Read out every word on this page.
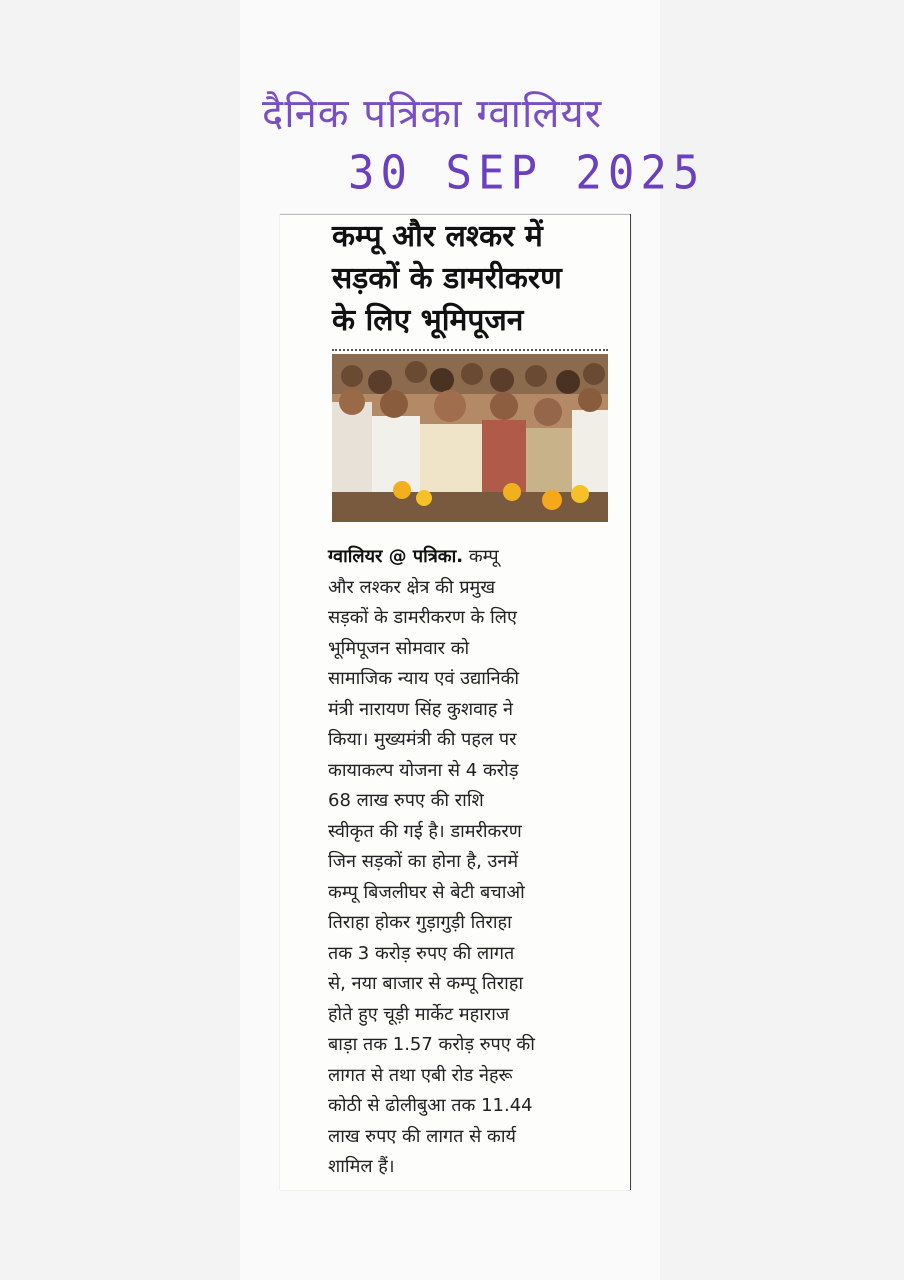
दैनिक पत्रिका ग्वालियर
30 SEP 2025
कम्पू और लश्कर में
सड़कों के डामरीकरण
के लिए भूमिपूजन
ग्वालियर @ पत्रिका. कम्पू
और लश्कर क्षेत्र की प्रमुख
सड़कों के डामरीकरण के लिए
भूमिपूजन सोमवार को
सामाजिक न्याय एवं उद्यानिकी
मंत्री नारायण सिंह कुशवाह ने
किया। मुख्यमंत्री की पहल पर
कायाकल्प योजना से 4 करोड़
68 लाख रुपए की राशि
स्वीकृत की गई है। डामरीकरण
जिन सड़कों का होना है, उनमें
कम्पू बिजलीघर से बेटी बचाओ
तिराहा होकर गुड़ागुड़ी तिराहा
तक 3 करोड़ रुपए की लागत
से, नया बाजार से कम्पू तिराहा
होते हुए चूड़ी मार्केट महाराज
बाड़ा तक 1.57 करोड़ रुपए की
लागत से तथा एबी रोड नेहरू
कोठी से ढोलीबुआ तक 11.44
लाख रुपए की लागत से कार्य
शामिल हैं।
